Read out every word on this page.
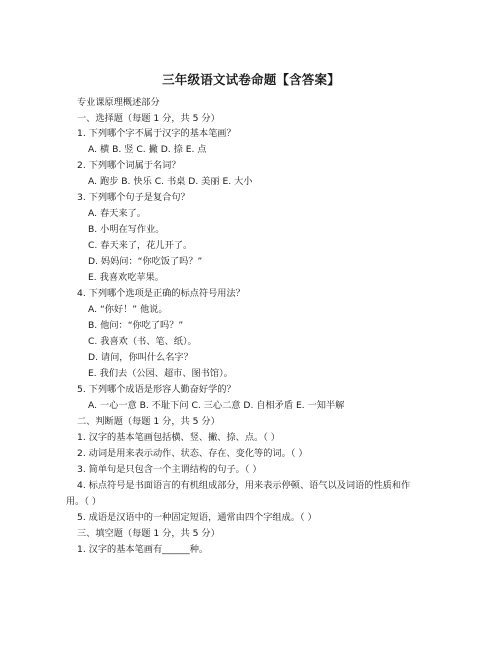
三年级语文试卷命题【含答案】
专业课原理概述部分
一、选择题（每题 1 分，共 5 分）
1. 下列哪个字不属于汉字的基本笔画？
A. 横 B. 竖 C. 撇 D. 捺 E. 点
2. 下列哪个词属于名词？
A. 跑步 B. 快乐 C. 书桌 D. 美丽 E. 大小
3. 下列哪个句子是复合句？
A. 春天来了。
B. 小明在写作业。
C. 春天来了，花儿开了。
D. 妈妈问：“你吃饭了吗？”
E. 我喜欢吃苹果。
4. 下列哪个选项是正确的标点符号用法？
A. “你好！” 他说。
B. 他问：“你吃了吗？”
C. 我喜欢（书、笔、纸）。
D. 请问，你叫什么名字？
E. 我们去（公园、超市、图书馆）。
5. 下列哪个成语是形容人勤奋好学的？
A. 一心一意 B. 不耻下问 C. 三心二意 D. 自相矛盾 E. 一知半解
二、判断题（每题 1 分，共 5 分）
1. 汉字的基本笔画包括横、竖、撇、捺、点。（ ）
2. 动词是用来表示动作、状态、存在、变化等的词。（ ）
3. 简单句是只包含一个主谓结构的句子。（ ）
4. 标点符号是书面语言的有机组成部分，用来表示停顿、语气以及词语的性质和作
用。（ ）
5. 成语是汉语中的一种固定短语，通常由四个字组成。（ ）
三、填空题（每题 1 分，共 5 分）
1. 汉字的基本笔画有______种。
